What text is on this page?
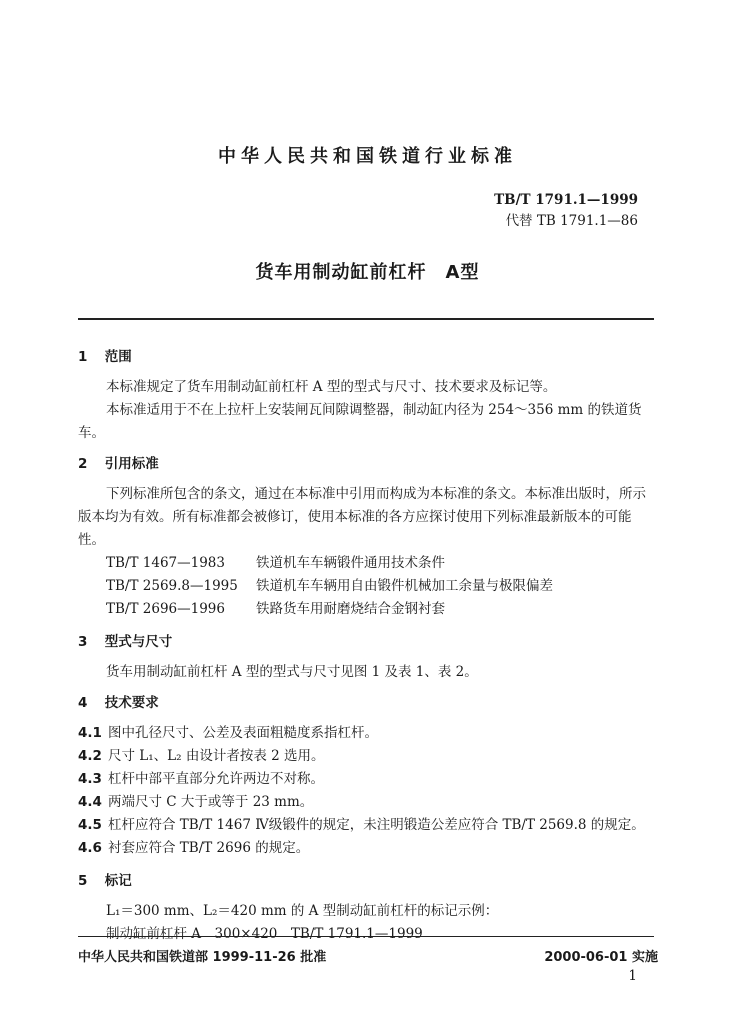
中华人民共和国铁道行业标准
TB/T 1791.1—1999
代替 TB 1791.1—86
货车用制动缸前杠杆　A型
1 范围
本标准规定了货车用制动缸前杠杆 A 型的型式与尺寸、技术要求及标记等。
本标准适用于不在上拉杆上安装闸瓦间隙调整器，制动缸内径为 254～356 mm 的铁道货车。
2 引用标准
下列标准所包含的条文，通过在本标准中引用而构成为本标准的条文。本标准出版时，所示版本均为有效。所有标准都会被修订，使用本标准的各方应探讨使用下列标准最新版本的可能性。
TB/T 1467—1983	铁道机车车辆锻件通用技术条件
TB/T 2569.8—1995	铁道机车车辆用自由锻件机械加工余量与极限偏差
TB/T 2696—1996	铁路货车用耐磨烧结合金钢衬套
3 型式与尺寸
货车用制动缸前杠杆 A 型的型式与尺寸见图 1 及表 1、表 2。
4 技术要求
4.1 图中孔径尺寸、公差及表面粗糙度系指杠杆。
4.2 尺寸 L₁、L₂ 由设计者按表 2 选用。
4.3 杠杆中部平直部分允许两边不对称。
4.4 两端尺寸 C 大于或等于 23 mm。
4.5 杠杆应符合 TB/T 1467 Ⅳ级锻件的规定，未注明锻造公差应符合 TB/T 2569.8 的规定。
4.6 衬套应符合 TB/T 2696 的规定。
5 标记
L₁＝300 mm、L₂＝420 mm 的 A 型制动缸前杠杆的标记示例：
制动缸前杠杆 A　300×420　TB/T 1791.1—1999
中华人民共和国铁道部 1999-11-26 批准	2000-06-01 实施
1
